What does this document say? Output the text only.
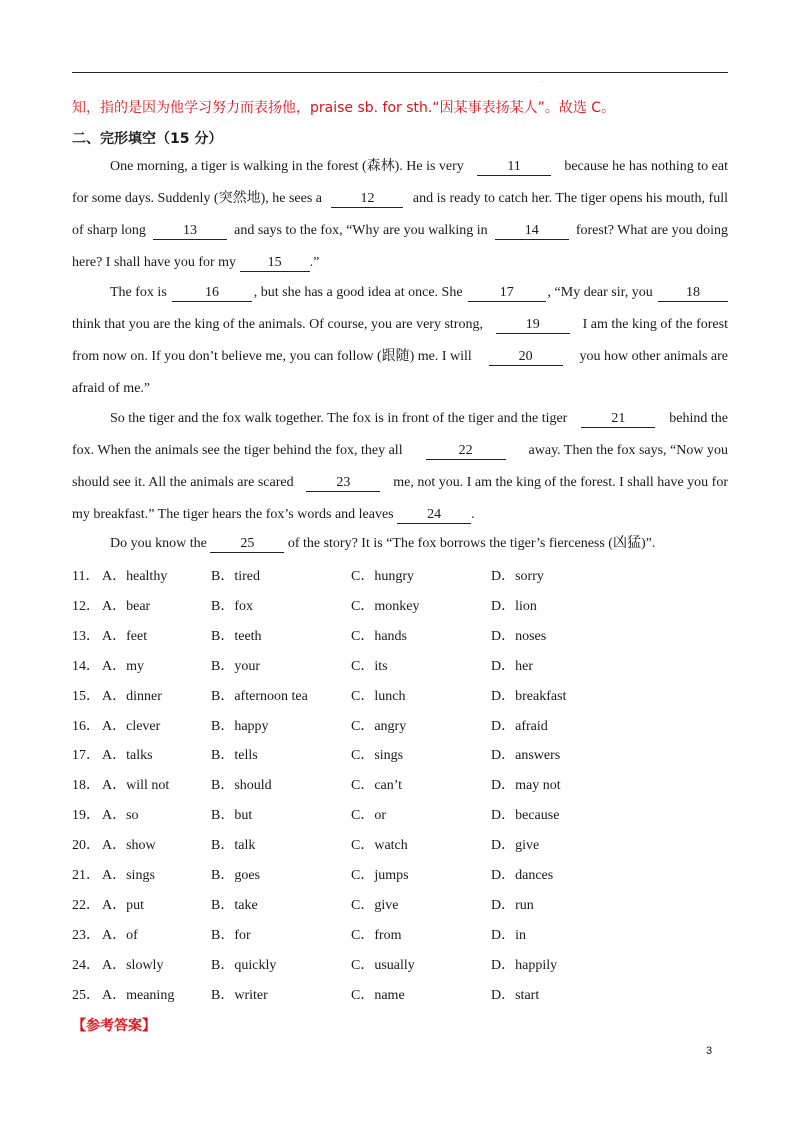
.
知，指的是因为他学习努力而表扬他，praise sb. for sth.“因某事表扬某人”。故选 C。
二、完形填空（15 分）
One morning, a tiger is walking in the forest (森林). He is very	11	because he has nothing to eat
for some days. Suddenly (突然地), he sees a	12	and is ready to catch her. The tiger opens his mouth, full
of sharp long	13	and says to the fox, “Why are you walking in	14	forest? What are you doing
here? I shall have you for my	15	.”
The fox is	16	, but she has a good idea at once. She	17	, “My dear sir, you	18
think that you are the king of the animals. Of course, you are very strong,	19	I am the king of the forest
from now on. If you don’t believe me, you can follow (跟随) me. I will	20	you how other animals are
afraid of me.”
So the tiger and the fox walk together. The fox is in front of the tiger and the tiger	21	behind the
fox. When the animals see the tiger behind the fox, they all	22	away. Then the fox says, “Now you
should see it. All the animals are scared	23	me, not you. I am the king of the forest. I shall have you for
my breakfast.” The tiger hears the fox’s words and leaves	24	.
Do you know the	25	of the story? It is “The fox borrows the tiger’s fierceness (凶猛)”.
11． A．healthy	B．tired	C．hungry	D．sorry
12． A．bear	B．fox	C．monkey	D．lion
13． A．feet	B．teeth	C．hands	D．noses
14． A．my	B．your	C．its	D．her
15． A．dinner	B．afternoon tea	C．lunch	D．breakfast
16． A．clever	B．happy	C．angry	D．afraid
17． A．talks	B．tells	C．sings	D．answers
18． A．will not	B．should	C．can’t	D．may not
19． A．so	B．but	C．or	D．because
20． A．show	B．talk	C．watch	D．give
21． A．sings	B．goes	C．jumps	D．dances
22． A．put	B．take	C．give	D．run
23． A．of	B．for	C．from	D．in
24． A．slowly	B．quickly	C．usually	D．happily
25． A．meaning	B．writer	C．name	D．start
【参考答案】
3
